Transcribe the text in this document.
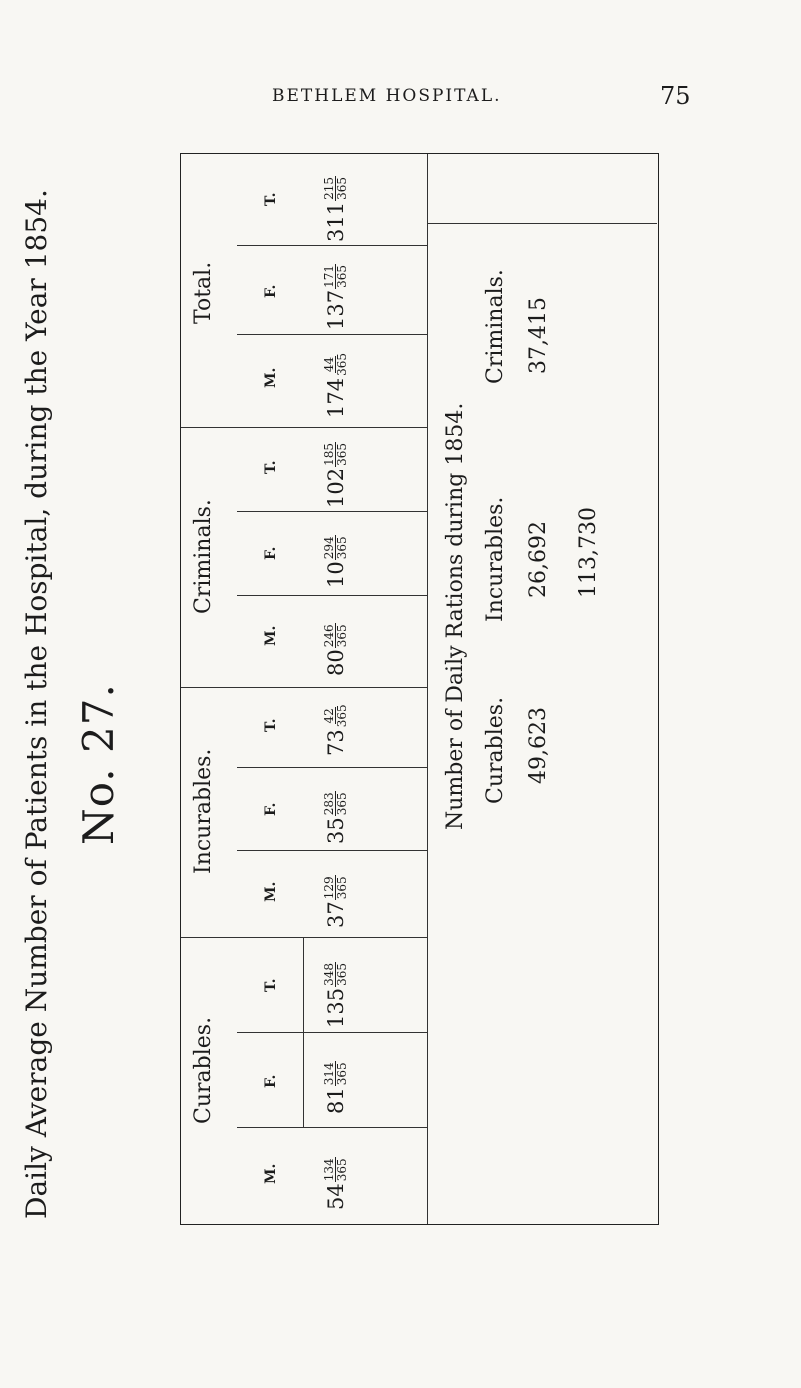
BETHLEM HOSPITAL.	75
Daily Average Number of Patients in the Hospital, during the Year 1854. No. 27.
Curables.
Incurables.
Criminals.
Total.
M.
F.
T.
M.
F.
T.
M.
F.
T.
M.
F.
T.
54
134 365
81
314 365
135
348 365
37
129 365
35
283 365
73
42 365
80
246 365
10
294 365
102
185 365
174
44 365
137
171 365
311
215 365
Number of Daily Rations during 1854. Curables.
Incurables.
Criminals.
49,623
26,692
37,415
113,730
